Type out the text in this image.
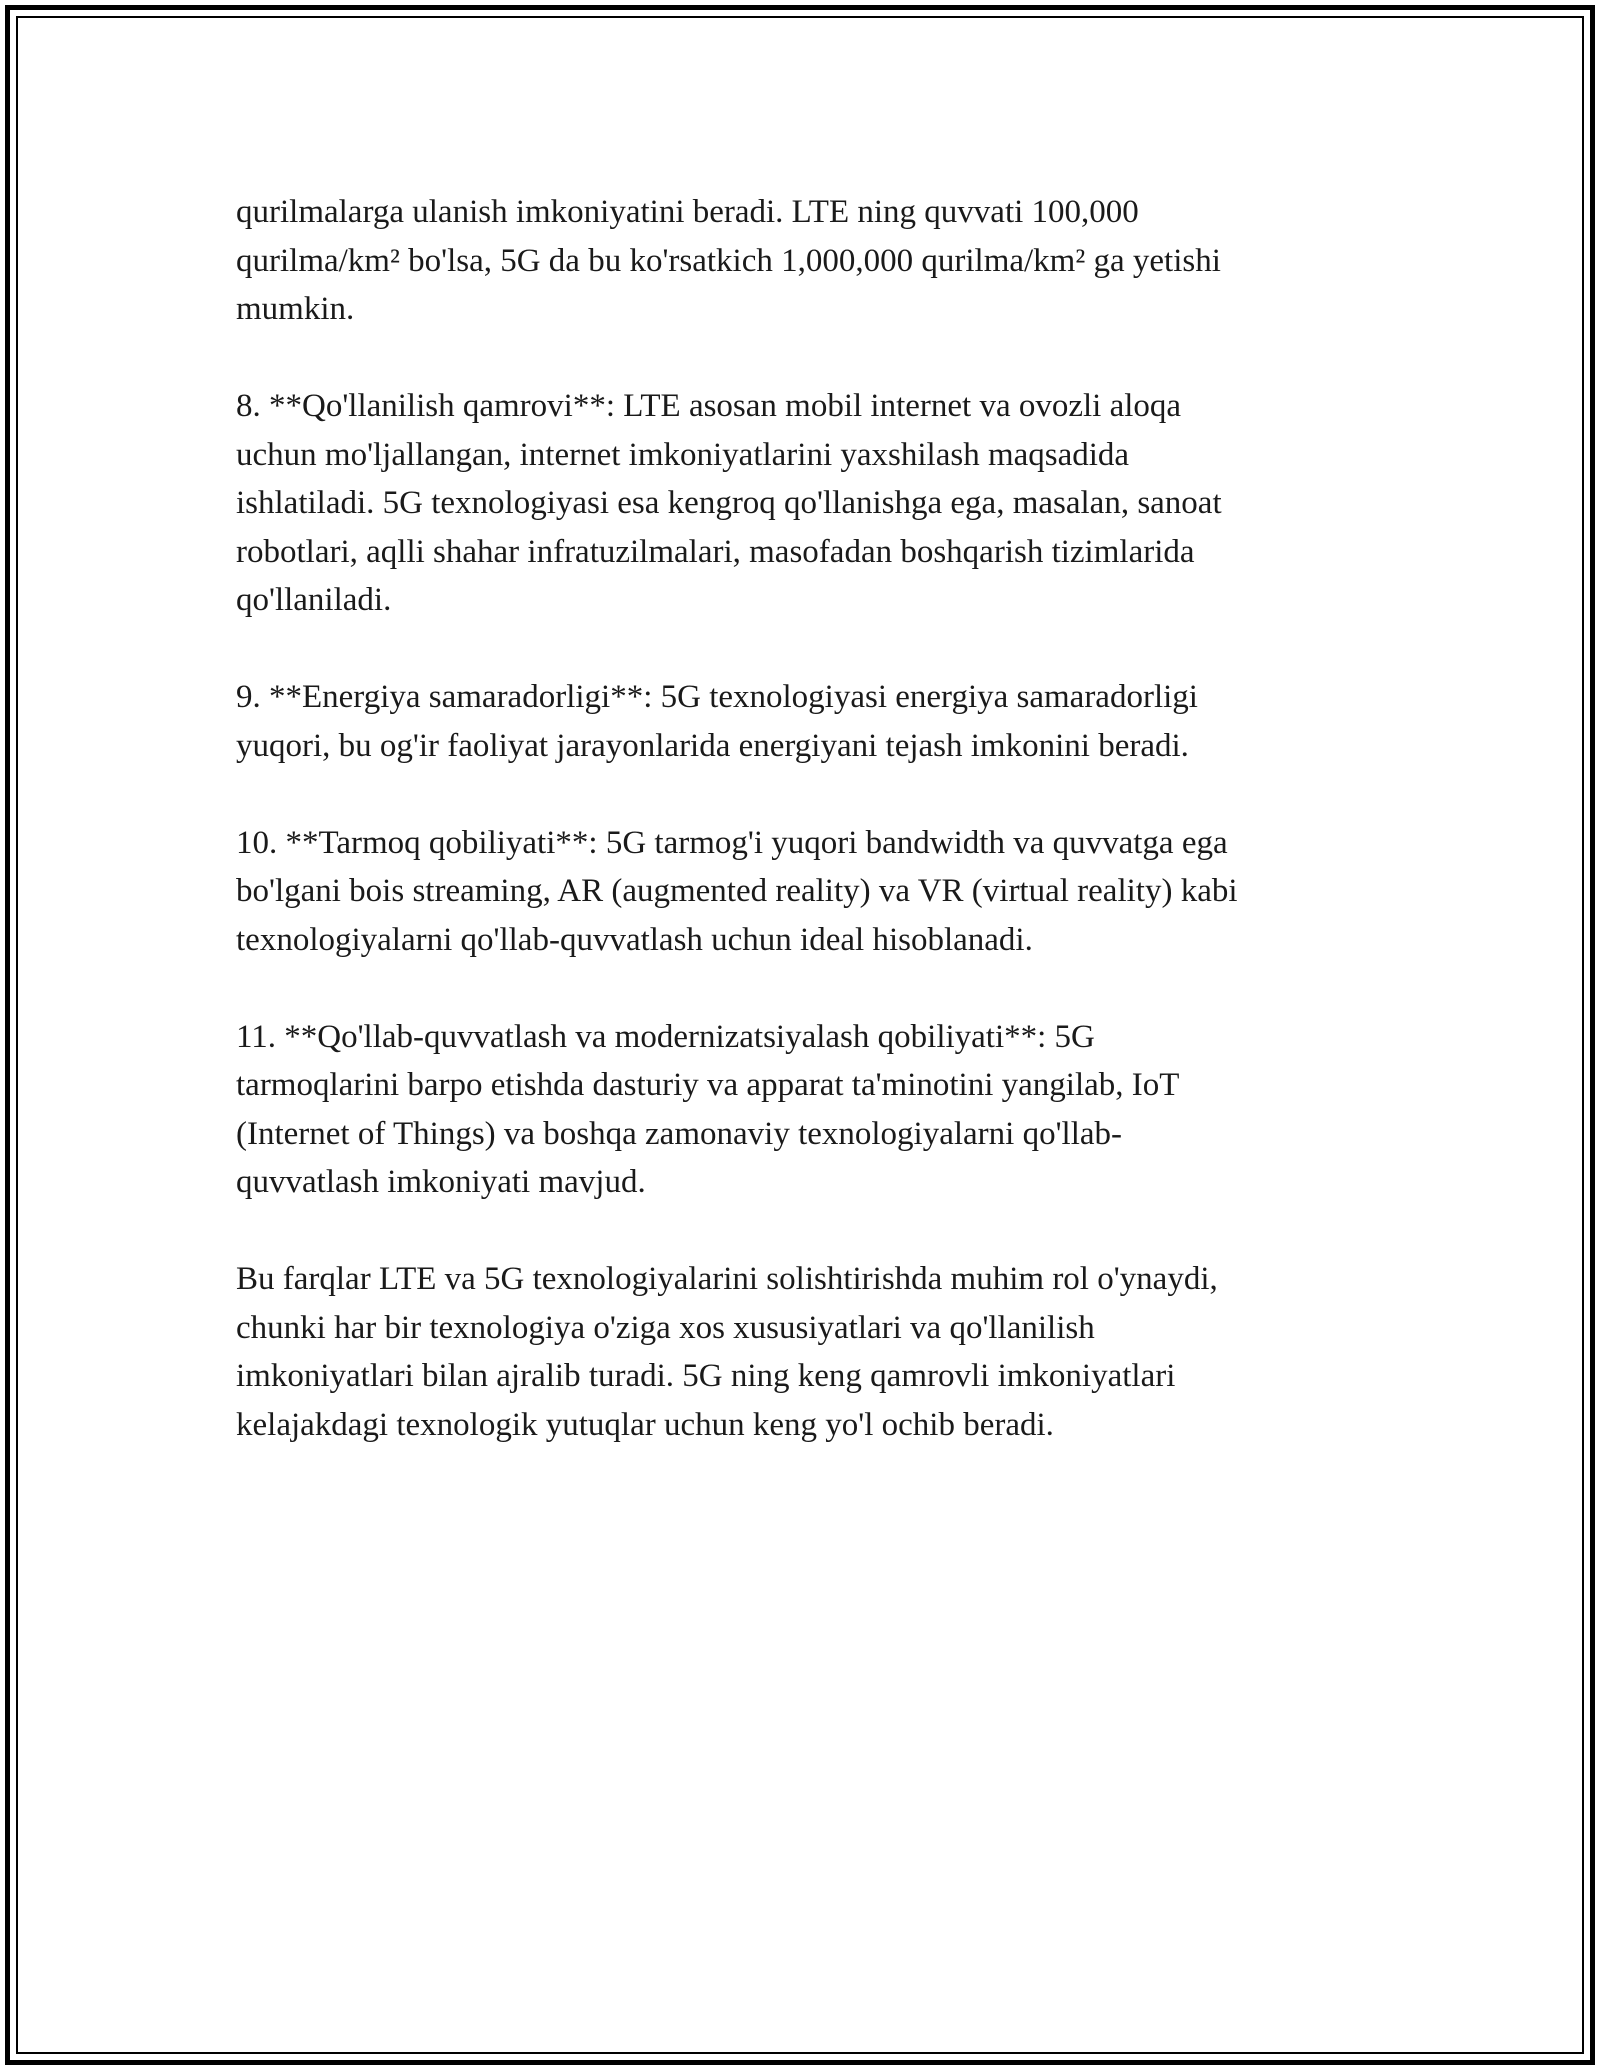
qurilmalarga ulanish imkoniyatini beradi. LTE ning quvvati 100,000
qurilma/km² bo'lsa, 5G da bu ko'rsatkich 1,000,000 qurilma/km² ga yetishi
mumkin.

8. **Qo'llanilish qamrovi**: LTE asosan mobil internet va ovozli aloqa
uchun mo'ljallangan, internet imkoniyatlarini yaxshilash maqsadida
ishlatiladi. 5G texnologiyasi esa kengroq qo'llanishga ega, masalan, sanoat
robotlari, aqlli shahar infratuzilmalari, masofadan boshqarish tizimlarida
qo'llaniladi.

9. **Energiya samaradorligi**: 5G texnologiyasi energiya samaradorligi
yuqori, bu og'ir faoliyat jarayonlarida energiyani tejash imkonini beradi.

10. **Tarmoq qobiliyati**: 5G tarmog'i yuqori bandwidth va quvvatga ega
bo'lgani bois streaming, AR (augmented reality) va VR (virtual reality) kabi
texnologiyalarni qo'llab-quvvatlash uchun ideal hisoblanadi.

11. **Qo'llab-quvvatlash va modernizatsiyalash qobiliyati**: 5G
tarmoqlarini barpo etishda dasturiy va apparat ta'minotini yangilab, IoT
(Internet of Things) va boshqa zamonaviy texnologiyalarni qo'llab-
quvvatlash imkoniyati mavjud.

Bu farqlar LTE va 5G texnologiyalarini solishtirishda muhim rol o'ynaydi,
chunki har bir texnologiya o'ziga xos xususiyatlari va qo'llanilish
imkoniyatlari bilan ajralib turadi. 5G ning keng qamrovli imkoniyatlari
kelajakdagi texnologik yutuqlar uchun keng yo'l ochib beradi.
